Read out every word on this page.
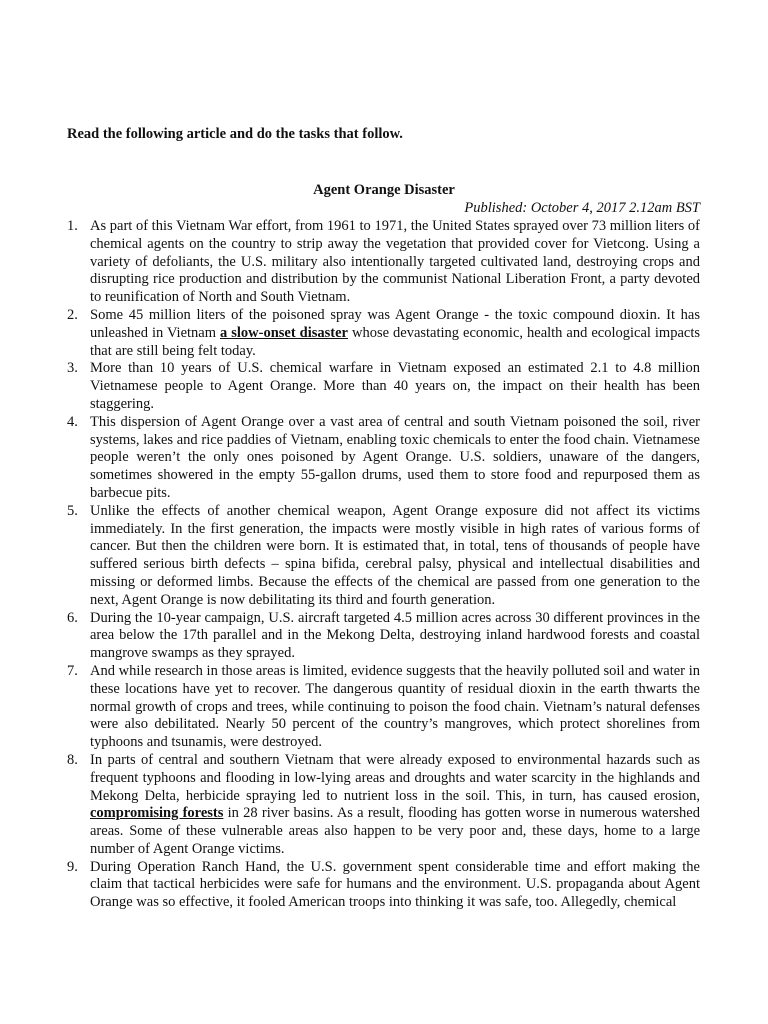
Read the following article and do the tasks that follow.

Agent Orange Disaster

Published: October 4, 2017 2.12am BST

1. As part of this Vietnam War effort, from 1961 to 1971, the United States sprayed over 73 million liters of chemical agents on the country to strip away the vegetation that provided cover for Vietcong. Using a variety of defoliants, the U.S. military also intentionally targeted cultivated land, destroying crops and disrupting rice production and distribution by the communist National Liberation Front, a party devoted to reunification of North and South Vietnam.
2. Some 45 million liters of the poisoned spray was Agent Orange - the toxic compound dioxin. It has unleashed in Vietnam a slow-onset disaster whose devastating economic, health and ecological impacts that are still being felt today.
3. More than 10 years of U.S. chemical warfare in Vietnam exposed an estimated 2.1 to 4.8 million Vietnamese people to Agent Orange. More than 40 years on, the impact on their health has been staggering.
4. This dispersion of Agent Orange over a vast area of central and south Vietnam poisoned the soil, river systems, lakes and rice paddies of Vietnam, enabling toxic chemicals to enter the food chain. Vietnamese people weren’t the only ones poisoned by Agent Orange. U.S. soldiers, unaware of the dangers, sometimes showered in the empty 55-gallon drums, used them to store food and repurposed them as barbecue pits.
5. Unlike the effects of another chemical weapon, Agent Orange exposure did not affect its victims immediately. In the first generation, the impacts were mostly visible in high rates of various forms of cancer. But then the children were born. It is estimated that, in total, tens of thousands of people have suffered serious birth defects – spina bifida, cerebral palsy, physical and intellectual disabilities and missing or deformed limbs. Because the effects of the chemical are passed from one generation to the next, Agent Orange is now debilitating its third and fourth generation.
6. During the 10-year campaign, U.S. aircraft targeted 4.5 million acres across 30 different provinces in the area below the 17th parallel and in the Mekong Delta, destroying inland hardwood forests and coastal mangrove swamps as they sprayed.
7. And while research in those areas is limited, evidence suggests that the heavily polluted soil and water in these locations have yet to recover. The dangerous quantity of residual dioxin in the earth thwarts the normal growth of crops and trees, while continuing to poison the food chain. Vietnam’s natural defenses were also debilitated. Nearly 50 percent of the country’s mangroves, which protect shorelines from typhoons and tsunamis, were destroyed.
8. In parts of central and southern Vietnam that were already exposed to environmental hazards such as frequent typhoons and flooding in low-lying areas and droughts and water scarcity in the highlands and Mekong Delta, herbicide spraying led to nutrient loss in the soil. This, in turn, has caused erosion, compromising forests in 28 river basins. As a result, flooding has gotten worse in numerous watershed areas. Some of these vulnerable areas also happen to be very poor and, these days, home to a large number of Agent Orange victims.
9. During Operation Ranch Hand, the U.S. government spent considerable time and effort making the claim that tactical herbicides were safe for humans and the environment. U.S. propaganda about Agent Orange was so effective, it fooled American troops into thinking it was safe, too. Allegedly, chemical
